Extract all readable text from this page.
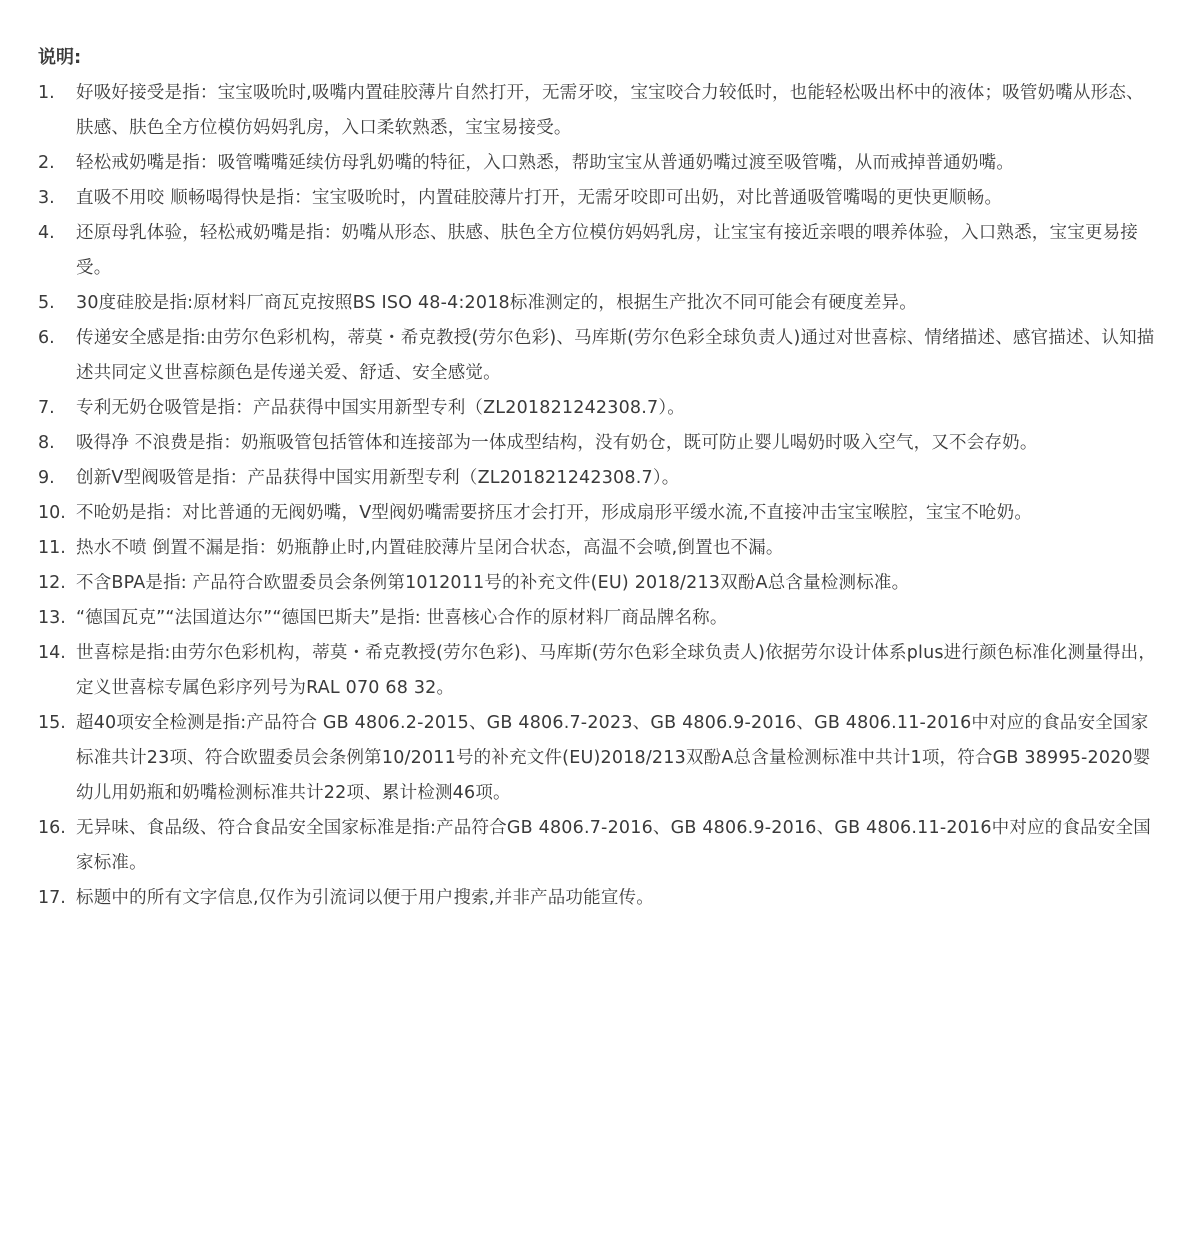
说明:
1.	好吸好接受是指：宝宝吸吮时,吸嘴内置硅胶薄片自然打开，无需牙咬，宝宝咬合力较低时，也能轻松吸出杯中的液体；吸管奶嘴从形态、肤感、肤色全方位模仿妈妈乳房，入口柔软熟悉，宝宝易接受。
2.	轻松戒奶嘴是指：吸管嘴嘴延续仿母乳奶嘴的特征，入口熟悉，帮助宝宝从普通奶嘴过渡至吸管嘴，从而戒掉普通奶嘴。
3.	直吸不用咬 顺畅喝得快是指：宝宝吸吮时，内置硅胶薄片打开，无需牙咬即可出奶，对比普通吸管嘴喝的更快更顺畅。
4.	还原母乳体验，轻松戒奶嘴是指：奶嘴从形态、肤感、肤色全方位模仿妈妈乳房，让宝宝有接近亲喂的喂养体验，入口熟悉，宝宝更易接受。
5.	30度硅胶是指:原材料厂商瓦克按照BS ISO 48-4:2018标准测定的，根据生产批次不同可能会有硬度差异。
6.	传递安全感是指:由劳尔色彩机构，蒂莫・希克教授(劳尔色彩)、马库斯(劳尔色彩全球负责人)通过对世喜棕、情绪描述、感官描述、认知描述共同定义世喜棕颜色是传递关爱、舒适、安全感觉。
7.	专利无奶仓吸管是指：产品获得中国实用新型专利（ZL201821242308.7）。
8.	吸得净 不浪费是指：奶瓶吸管包括管体和连接部为一体成型结构，没有奶仓，既可防止婴儿喝奶时吸入空气，又不会存奶。
9.	创新V型阀吸管是指：产品获得中国实用新型专利（ZL201821242308.7）。
10. 不呛奶是指：对比普通的无阀奶嘴，V型阀奶嘴需要挤压才会打开，形成扇形平缓水流,不直接冲击宝宝喉腔，宝宝不呛奶。
11. 热水不喷 倒置不漏是指：奶瓶静止时,内置硅胶薄片呈闭合状态，高温不会喷,倒置也不漏。
12. 不含BPA是指: 产品符合欧盟委员会条例第1012011号的补充文件(EU) 2018/213双酚A总含量检测标准。
13. “德国瓦克”“法国道达尔”“德国巴斯夫”是指: 世喜核心合作的原材料厂商品牌名称。
14. 世喜棕是指:由劳尔色彩机构，蒂莫・希克教授(劳尔色彩)、马库斯(劳尔色彩全球负责人)依据劳尔设计体系plus进行颜色标准化测量得出，定义世喜棕专属色彩序列号为RAL 070 68 32。
15. 超40项安全检测是指:产品符合 GB 4806.2-2015、GB 4806.7-2023、GB 4806.9-2016、GB 4806.11-2016中对应的食品安全国家标准共计23项、符合欧盟委员会条例第10/2011号的补充文件(EU)2018/213双酚A总含量检测标准中共计1项，符合GB 38995-2020婴幼儿用奶瓶和奶嘴检测标准共计22项、累计检测46项。
16. 无异味、食品级、符合食品安全国家标准是指:产品符合GB 4806.7-2016、GB 4806.9-2016、GB 4806.11-2016中对应的食品安全国家标准。
17. 标题中的所有文字信息,仅作为引流词以便于用户搜索,并非产品功能宣传。
